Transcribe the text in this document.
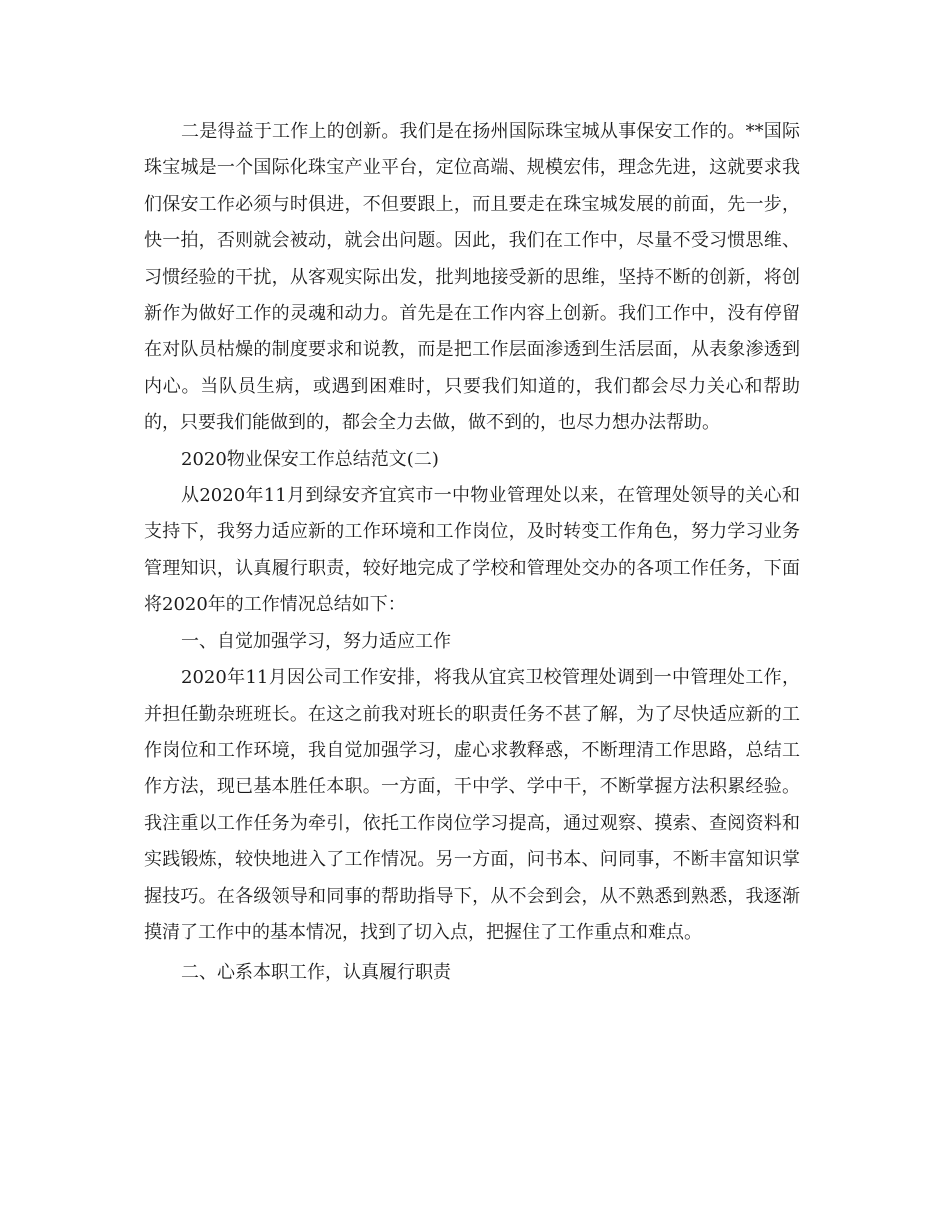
二是得益于工作上的创新。我们是在扬州国际珠宝城从事保安工作的。**国际珠宝城是一个国际化珠宝产业平台，定位高端、规模宏伟，理念先进，这就要求我们保安工作必须与时俱进，不但要跟上，而且要走在珠宝城发展的前面，先一步，快一拍，否则就会被动，就会出问题。因此，我们在工作中，尽量不受习惯思维、习惯经验的干扰，从客观实际出发，批判地接受新的思维，坚持不断的创新，将创新作为做好工作的灵魂和动力。首先是在工作内容上创新。我们工作中，没有停留在对队员枯燥的制度要求和说教，而是把工作层面渗透到生活层面，从表象渗透到内心。当队员生病，或遇到困难时，只要我们知道的，我们都会尽力关心和帮助的，只要我们能做到的，都会全力去做，做不到的，也尽力想办法帮助。

2020物业保安工作总结范文(二)

从2020年11月到绿安齐宜宾市一中物业管理处以来，在管理处领导的关心和支持下，我努力适应新的工作环境和工作岗位，及时转变工作角色，努力学习业务管理知识，认真履行职责，较好地完成了学校和管理处交办的各项工作任务，下面将2020年的工作情况总结如下：

一、自觉加强学习，努力适应工作

2020年11月因公司工作安排，将我从宜宾卫校管理处调到一中管理处工作，并担任勤杂班班长。在这之前我对班长的职责任务不甚了解，为了尽快适应新的工作岗位和工作环境，我自觉加强学习，虚心求教释惑，不断理清工作思路，总结工作方法，现已基本胜任本职。一方面，干中学、学中干，不断掌握方法积累经验。我注重以工作任务为牵引，依托工作岗位学习提高，通过观察、摸索、查阅资料和实践锻炼，较快地进入了工作情况。另一方面，问书本、问同事，不断丰富知识掌握技巧。在各级领导和同事的帮助指导下，从不会到会，从不熟悉到熟悉，我逐渐摸清了工作中的基本情况，找到了切入点，把握住了工作重点和难点。

二、心系本职工作，认真履行职责
